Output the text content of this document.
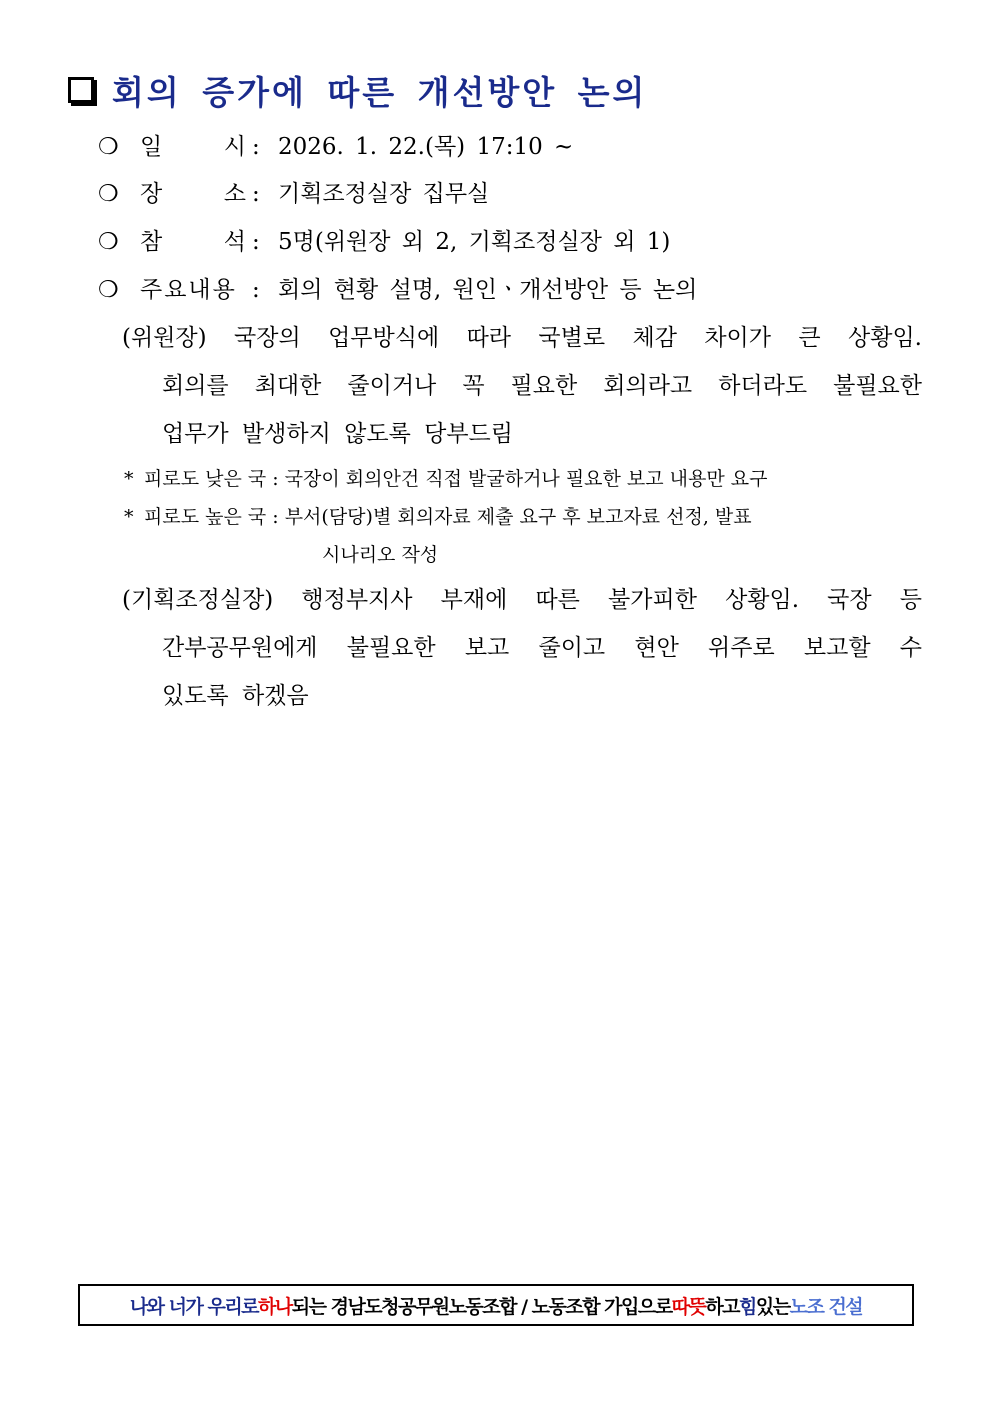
회의 증가에 따른 개선방안 논의
❍ 일	시 : 2026. 1. 22.(목) 17:10 ~
❍ 장	소 : 기획조정실장 집무실
❍ 참	석 : 5명(위원장 외 2, 기획조정실장 외 1)
❍ 주요내용 : 회의 현황 설명, 원인ㆍ개선방안 등 논의
(위원장) 국장의 업무방식에 따라 국별로 체감 차이가 큰 상황임.
회의를 최대한 줄이거나 꼭 필요한 회의라고 하더라도 불필요한
업무가 발생하지 않도록 당부드림
* 피로도 낮은 국 : 국장이 회의안건 직접 발굴하거나 필요한 보고 내용만 요구
* 피로도 높은 국 : 부서(담당)별 회의자료 제출 요구 후 보고자료 선정, 발표
시나리오 작성
(기획조정실장) 행정부지사 부재에 따른 불가피한 상황임. 국장 등
간부공무원에게 불필요한 보고 줄이고 현안 위주로 보고할 수
있도록 하겠음
나와 너가 우리로 하나 되는 경남도청공무원노동조합 / 노동조합 가입으로 따뜻 하고 힘 있는 노조 건설
